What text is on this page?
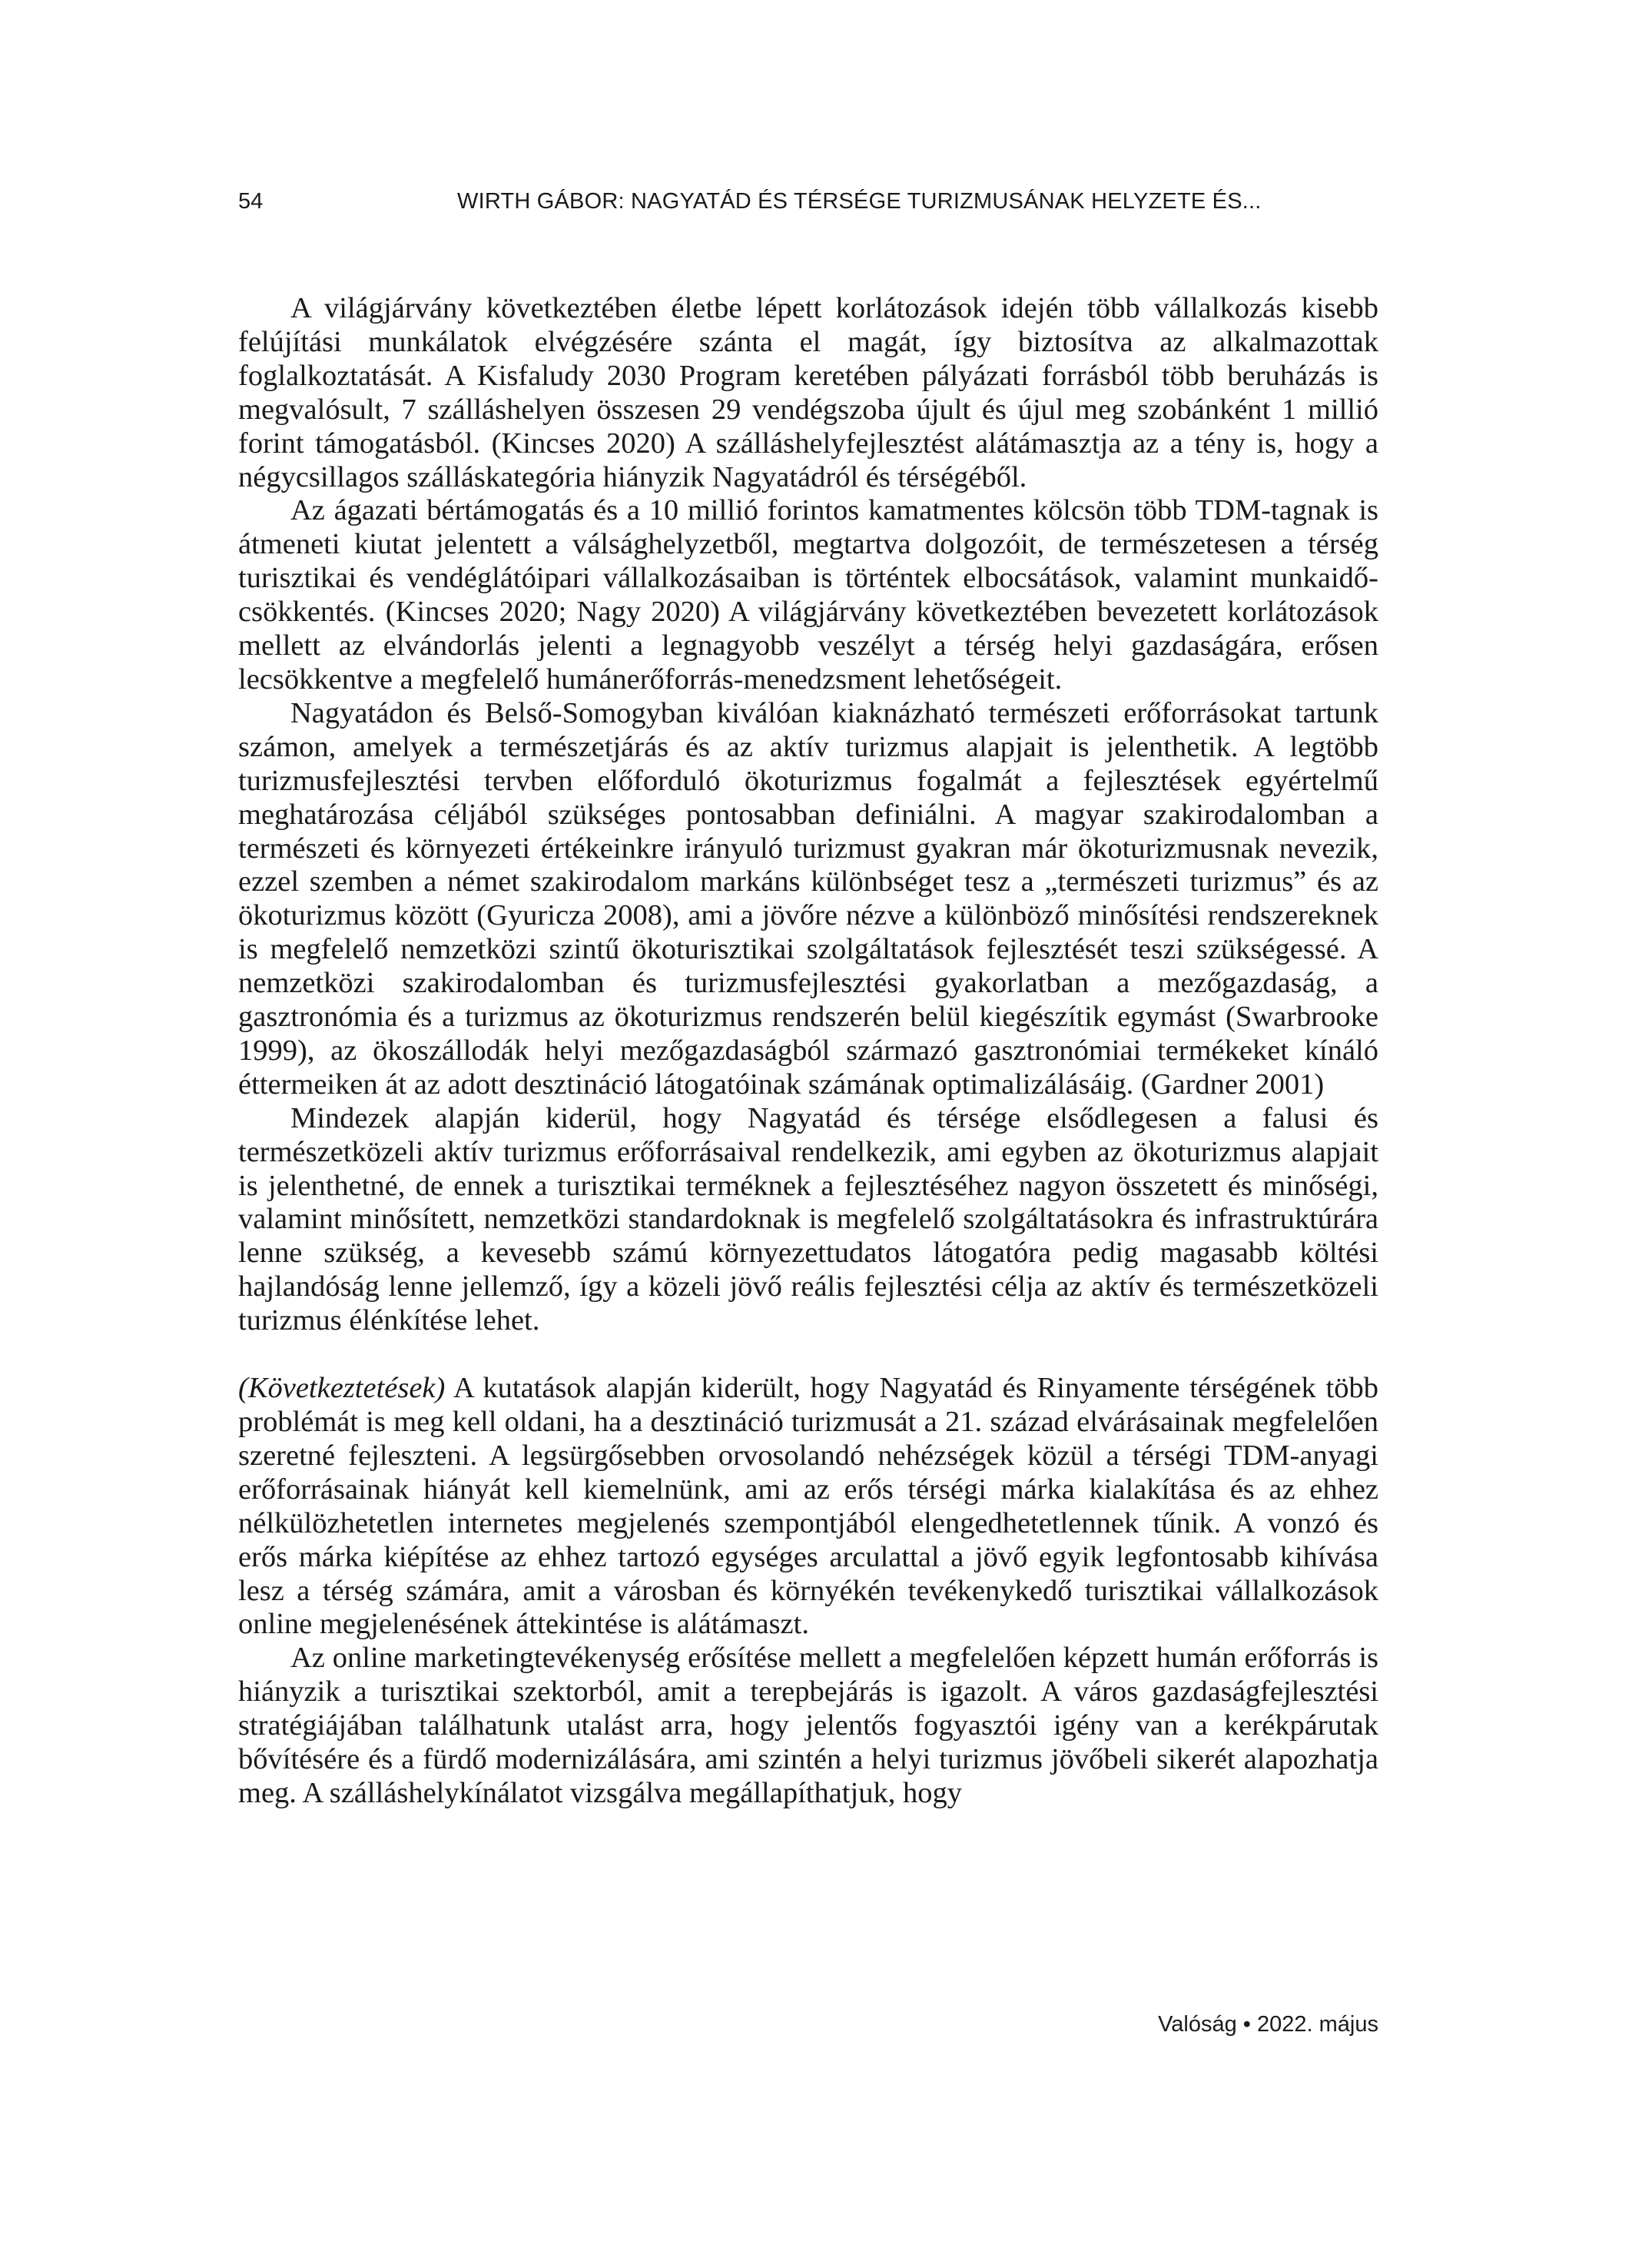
54	WIRTH GÁBOR: NAGYATÁD ÉS TÉRSÉGE TURIZMUSÁNAK HELYZETE ÉS...

A világjárvány következtében életbe lépett korlátozások idején több vállalkozás kisebb felújítási munkálatok elvégzésére szánta el magát, így biztosítva az alkalmazottak foglalkoztatását. A Kisfaludy 2030 Program keretében pályázati forrásból több beruházás is megvalósult, 7 szálláshelyen összesen 29 vendégszoba újult és újul meg szobánként 1 millió forint támogatásból. (Kincses 2020) A szálláshelyfejlesztést alátámasztja az a tény is, hogy a négycsillagos szálláskategória hiányzik Nagyatádról és térségéből.

Az ágazati bértámogatás és a 10 millió forintos kamatmentes kölcsön több TDM-tagnak is átmeneti kiutat jelentett a válsághelyzetből, megtartva dolgozóit, de természetesen a térség turisztikai és vendéglátóipari vállalkozásaiban is történtek elbocsátások, valamint munkaidő-csökkentés. (Kincses 2020; Nagy 2020) A világjárvány következtében bevezetett korlátozások mellett az elvándorlás jelenti a legnagyobb veszélyt a térség helyi gazdaságára, erősen lecsökkentve a megfelelő humánerőforrás-menedzsment lehetőségeit.

Nagyatádon és Belső-Somogyban kiválóan kiaknázható természeti erőforrásokat tartunk számon, amelyek a természetjárás és az aktív turizmus alapjait is jelenthetik. A legtöbb turizmusfejlesztési tervben előforduló ökoturizmus fogalmát a fejlesztések egyértelmű meghatározása céljából szükséges pontosabban definiálni. A magyar szakirodalomban a természeti és környezeti értékeinkre irányuló turizmust gyakran már ökoturizmusnak nevezik, ezzel szemben a német szakirodalom markáns különbséget tesz a „természeti turizmus” és az ökoturizmus között (Gyuricza 2008), ami a jövőre nézve a különböző minősítési rendszereknek is megfelelő nemzetközi szintű ökoturisztikai szolgáltatások fejlesztését teszi szükségessé. A nemzetközi szakirodalomban és turizmusfejlesztési gyakorlatban a mezőgazdaság, a gasztronómia és a turizmus az ökoturizmus rendszerén belül kiegészítik egymást (Swarbrooke 1999), az ökoszállodák helyi mezőgazdaságból származó gasztronómiai termékeket kínáló éttermeiken át az adott desztináció látogatóinak számának optimalizálásáig. (Gardner 2001)

Mindezek alapján kiderül, hogy Nagyatád és térsége elsődlegesen a falusi és természetközeli aktív turizmus erőforrásaival rendelkezik, ami egyben az ökoturizmus alapjait is jelenthetné, de ennek a turisztikai terméknek a fejlesztéséhez nagyon összetett és minőségi, valamint minősített, nemzetközi standardoknak is megfelelő szolgáltatásokra és infrastruktúrára lenne szükség, a kevesebb számú környezettudatos látogatóra pedig magasabb költési hajlandóság lenne jellemző, így a közeli jövő reális fejlesztési célja az aktív és természetközeli turizmus élénkítése lehet.

(Következtetések) A kutatások alapján kiderült, hogy Nagyatád és Rinyamente térségének több problémát is meg kell oldani, ha a desztináció turizmusát a 21. század elvárásainak megfelelően szeretné fejleszteni. A legsürgősebben orvosolandó nehézségek közül a térségi TDM-anyagi erőforrásainak hiányát kell kiemelnünk, ami az erős térségi márka kialakítása és az ehhez nélkülözhetetlen internetes megjelenés szempontjából elengedhetetlennek tűnik. A vonzó és erős márka kiépítése az ehhez tartozó egységes arculattal a jövő egyik legfontosabb kihívása lesz a térség számára, amit a városban és környékén tevékenykedő turisztikai vállalkozások online megjelenésének áttekintése is alátámaszt.

Az online marketingtevékenység erősítése mellett a megfelelően képzett humán erőforrás is hiányzik a turisztikai szektorból, amit a terepbejárás is igazolt. A város gazdaságfejlesztési stratégiájában találhatunk utalást arra, hogy jelentős fogyasztói igény van a kerékpárutak bővítésére és a fürdő modernizálására, ami szintén a helyi turizmus jövőbeli sikerét alapozhatja meg. A szálláshelykínálatot vizsgálva megállapíthatjuk, hogy

Valóság • 2022. május
